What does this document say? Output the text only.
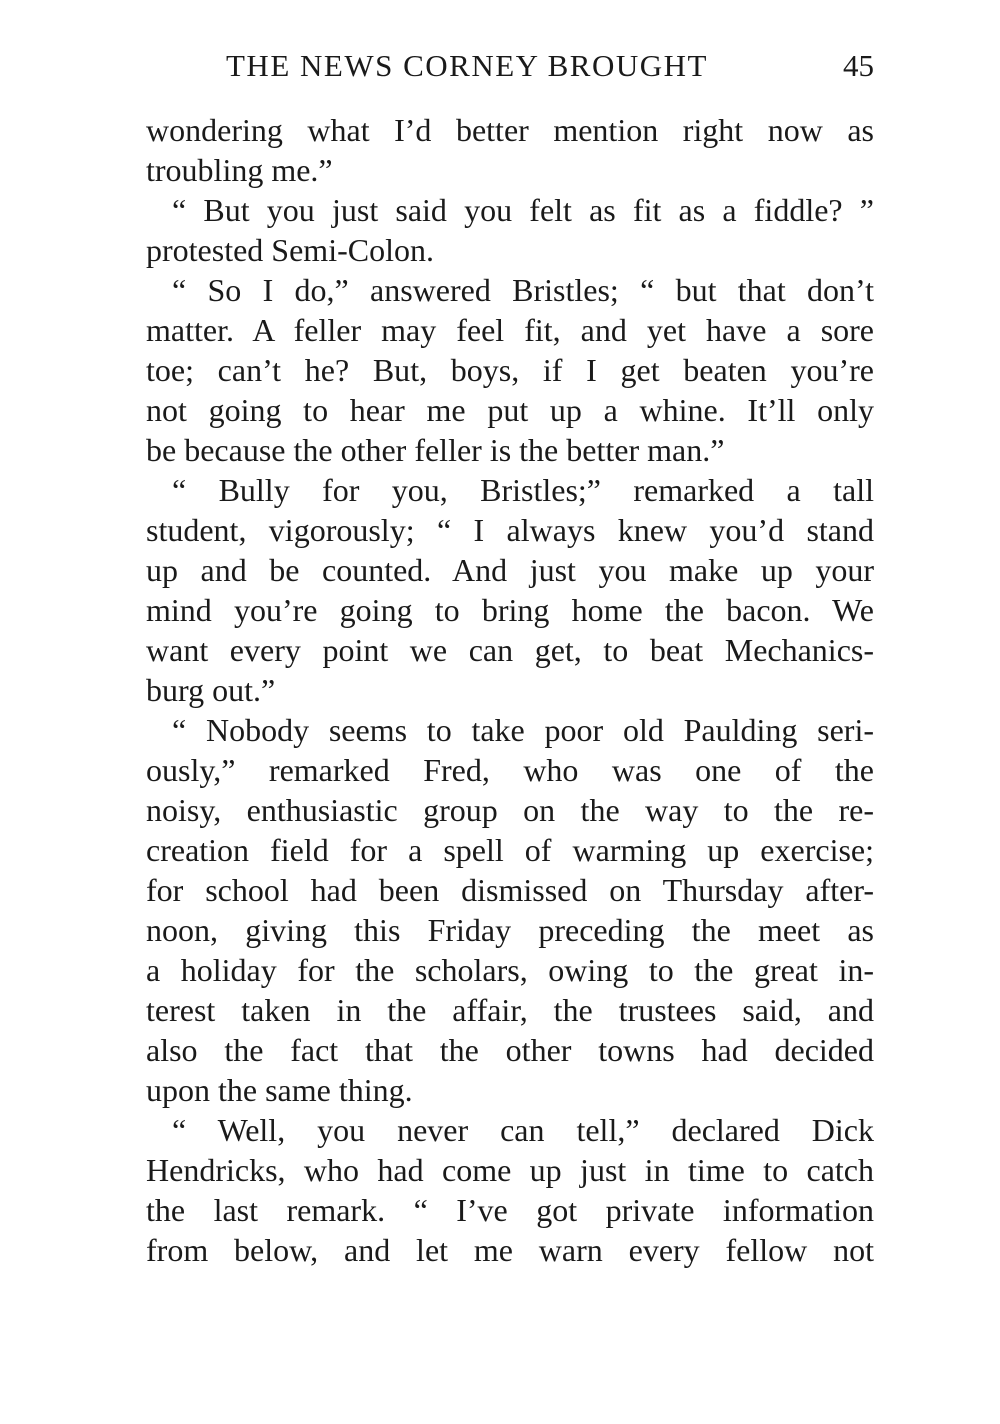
THE NEWS CORNEY BROUGHT	45
wondering what I’d better mention right now as
troubling me.”
“ But you just said you felt as fit as a fiddle? ”
protested Semi-Colon.
“ So I do,” answered Bristles; “ but that don’t
matter. A feller may feel fit, and yet have a sore
toe; can’t he? But, boys, if I get beaten you’re
not going to hear me put up a whine. It’ll only
be because the other feller is the better man.”
“ Bully for you, Bristles;” remarked a tall
student, vigorously; “ I always knew you’d stand
up and be counted. And just you make up your
mind you’re going to bring home the bacon. We
want every point we can get, to beat Mechanics-
burg out.”
“ Nobody seems to take poor old Paulding seri-
ously,” remarked Fred, who was one of the
noisy, enthusiastic group on the way to the re-
creation field for a spell of warming up exercise;
for school had been dismissed on Thursday after-
noon, giving this Friday preceding the meet as
a holiday for the scholars, owing to the great in-
terest taken in the affair, the trustees said, and
also the fact that the other towns had decided
upon the same thing.
“ Well, you never can tell,” declared Dick
Hendricks, who had come up just in time to catch
the last remark. “ I’ve got private information
from below, and let me warn every fellow not
